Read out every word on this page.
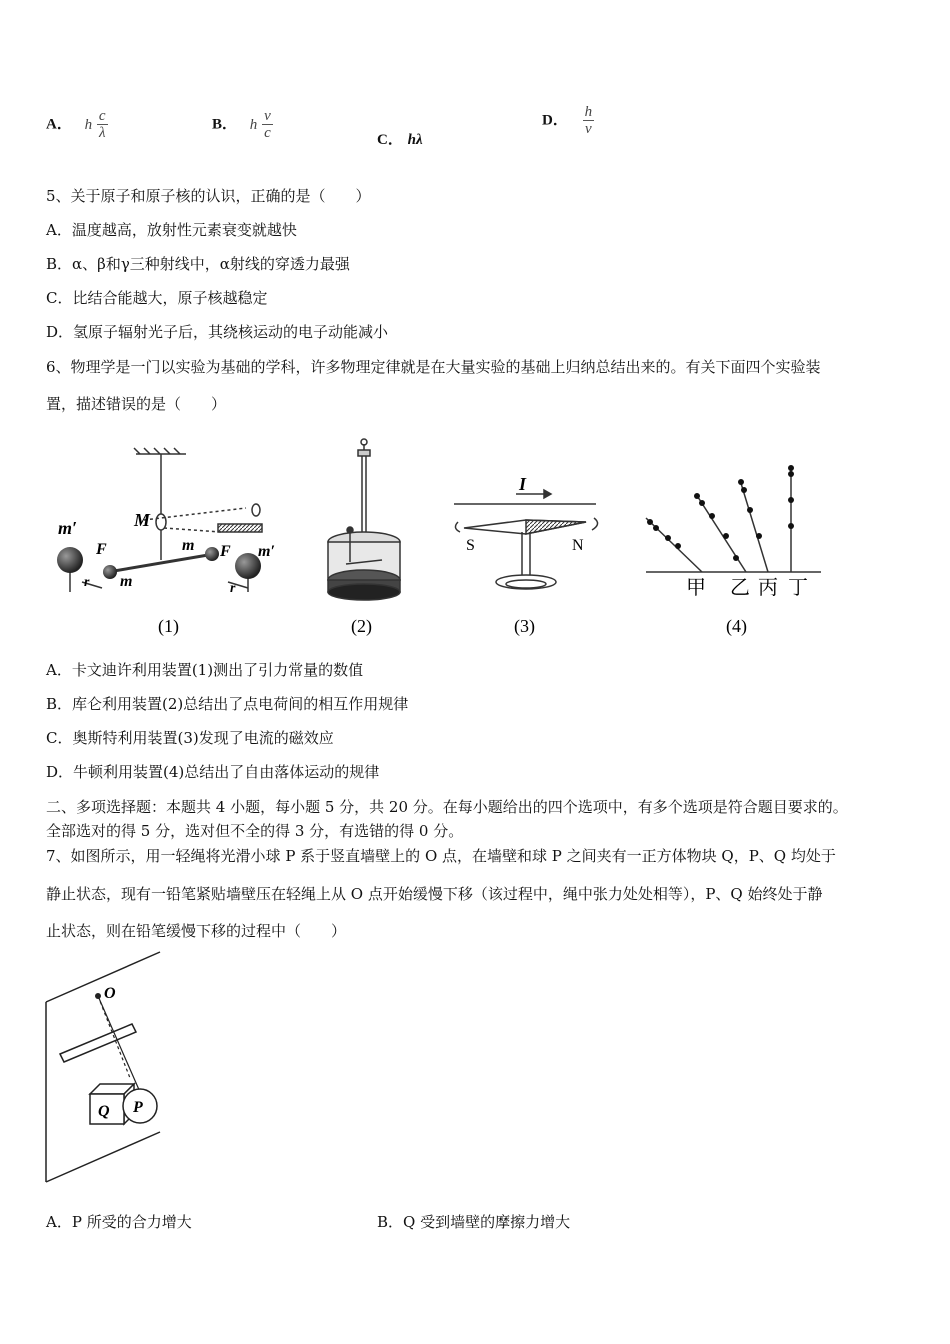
A． h $\frac{c}{\lambda}$	B． h $\frac{v}{c}$	C． hλ
D． $\frac{h}{v}$
5、关于原子和原子核的认识，正确的是（　　）
A．温度越高，放射性元素衰变就越快
B．α、β和γ三种射线中，α射线的穿透力最强
C．比结合能越大，原子核越稳定
D．氢原子辐射光子后，其绕核运动的电子动能减小
6、物理学是一门以实验为基础的学科，许多物理定律就是在大量实验的基础上归纳总结出来的。有关下面四个实验装
置，描述错误的是（　　）
m′
F
m
r
M
m F m′
r
(1)	(2)
I
S	N
(3)
甲 乙 丙 丁
(4)
A．卡文迪许利用装置(1)测出了引力常量的数值
B．库仑利用装置(2)总结出了点电荷间的相互作用规律
C．奥斯特利用装置(3)发现了电流的磁效应
D．牛顿利用装置(4)总结出了自由落体运动的规律
二、多项选择题：本题共 4 小题，每小题 5 分，共 20 分。在每小题给出的四个选项中，有多个选项是符合题目要求的。
全部选对的得 5 分，选对但不全的得 3 分，有选错的得 0 分。
7、如图所示，用一轻绳将光滑小球 P 系于竖直墙壁上的 O 点，在墙壁和球 P 之间夹有一正方体物块 Q，P、Q 均处于
静止状态，现有一铅笔紧贴墙壁压在轻绳上从 O 点开始缓慢下移（该过程中，绳中张力处处相等），P、Q 始终处于静
止状态，则在铅笔缓慢下移的过程中（　　）
O
Q P
A．P 所受的合力增大	B．Q 受到墙壁的摩擦力增大
